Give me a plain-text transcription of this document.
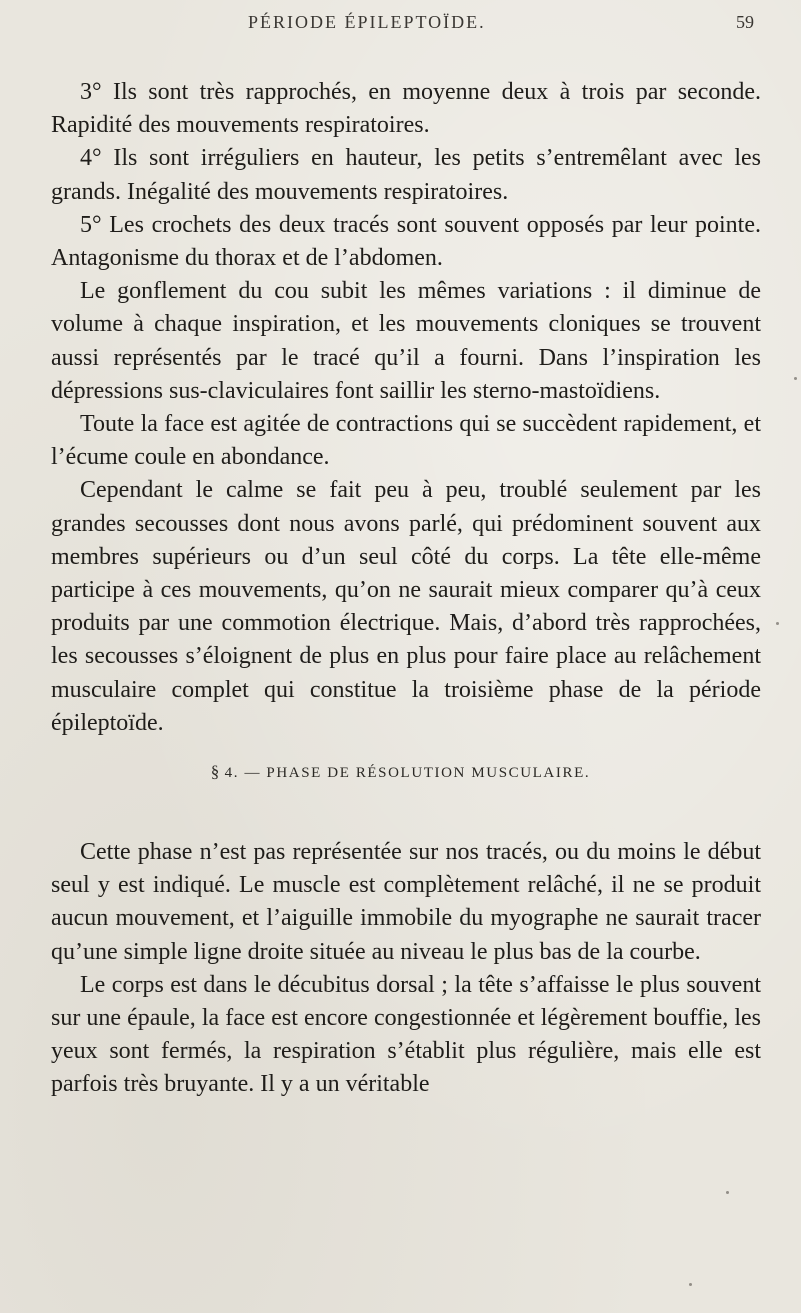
PÉRIODE ÉPILEPTOÏDE.	59

3° Ils sont très rapprochés, en moyenne deux à trois par seconde. Rapidité des mouvements respiratoires.

4° Ils sont irréguliers en hauteur, les petits s’entremêlant avec les grands. Inégalité des mouvements respiratoires.

5° Les crochets des deux tracés sont souvent opposés par leur pointe. Antagonisme du thorax et de l’abdomen.

Le gonflement du cou subit les mêmes variations : il diminue de volume à chaque inspiration, et les mouvements cloniques se trouvent aussi représentés par le tracé qu’il a fourni. Dans l’inspiration les dépressions sus-claviculaires font saillir les sterno-mastoïdiens.

Toute la face est agitée de contractions qui se succèdent rapidement, et l’écume coule en abondance.

Cependant le calme se fait peu à peu, troublé seulement par les grandes secousses dont nous avons parlé, qui prédominent souvent aux membres supérieurs ou d’un seul côté du corps. La tête elle-même participe à ces mouvements, qu’on ne saurait mieux comparer qu’à ceux produits par une commotion électrique. Mais, d’abord très rapprochées, les secousses s’éloignent de plus en plus pour faire place au relâchement musculaire complet qui constitue la troisième phase de la période épileptoïde.

§ 4. — PHASE DE RÉSOLUTION MUSCULAIRE.

Cette phase n’est pas représentée sur nos tracés, ou du moins le début seul y est indiqué. Le muscle est complètement relâché, il ne se produit aucun mouvement, et l’aiguille immobile du myographe ne saurait tracer qu’une simple ligne droite située au niveau le plus bas de la courbe.

Le corps est dans le décubitus dorsal ; la tête s’affaisse le plus souvent sur une épaule, la face est encore congestionnée et légèrement bouffie, les yeux sont fermés, la respiration s’établit plus régulière, mais elle est parfois très bruyante. Il y a un véritable
